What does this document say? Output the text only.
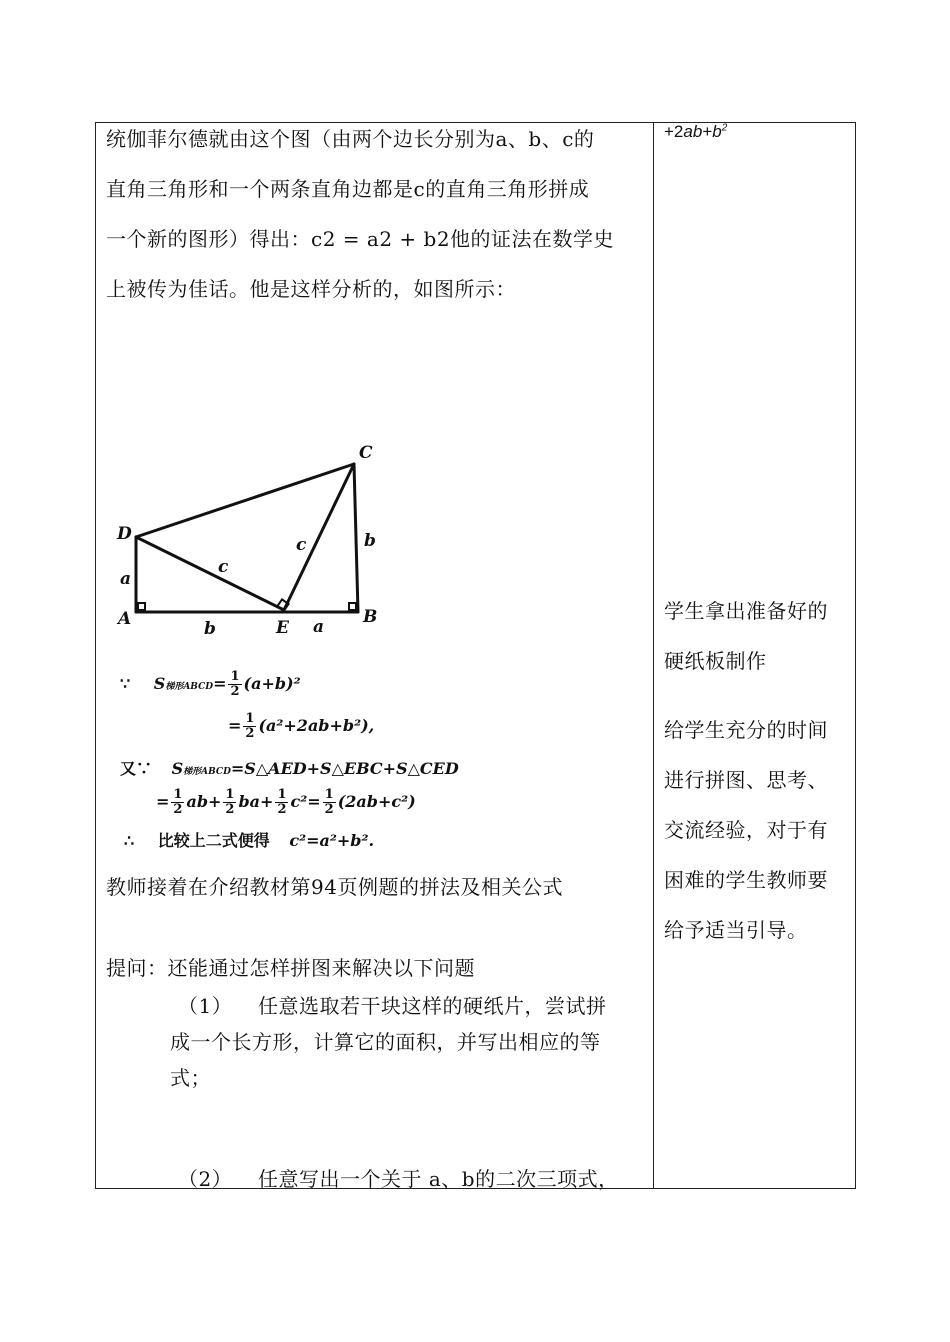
统伽菲尔德就由这个图（由两个边长分别为a、b、c的

直角三角形和一个两条直角边都是c的直角三角形拼成

一个新的图形）得出：c2 = a2 + b2他的证法在数学史

上被传为佳话。他是这样分析的，如图所示：

C
D
A	E
B
a
b	a
c
c	b
∵ S梯形ABCD= $\frac{1}{2} (a+b)^2$
= $\frac{1}{2} (a^2+2ab+b^2)$,
又∵ S梯形ABCD=S△AED+S△EBC+S△CED
= $\frac{1}{2} ab+ \frac{1}{2} ba+ \frac{1}{2} c^2= \frac{1}{2} (2ab+c^2)$
∴ 比较上二式便得 c²=a²+b².

教师接着在介绍教材第94页例题的拼法及相关公式

提问：还能通过怎样拼图来解决以下问题

（1） 任意选取若干块这样的硬纸片，尝试拼
成一个长方形，计算它的面积，并写出相应的等
式；
（2） 任意写出一个关于 a、b的二次三项式，
$+2ab+b^2$
学生拿出准备好的
硬纸板制作
给学生充分的时间
进行拼图、思考、
交流经验，对于有
困难的学生教师要
给予适当引导。
